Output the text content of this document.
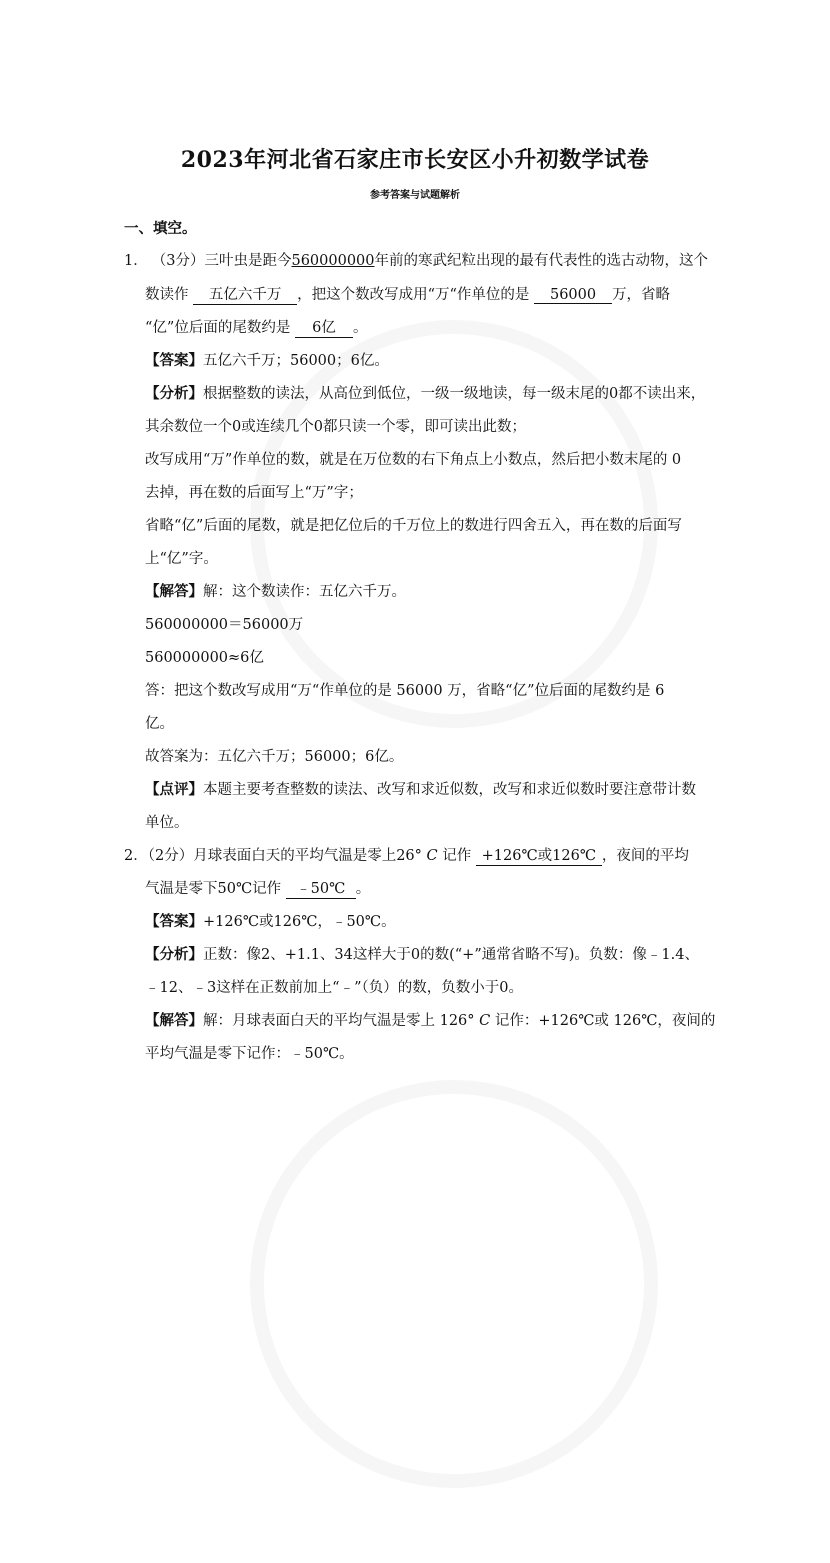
2023年河北省石家庄市长安区小升初数学试卷
参考答案与试题解析
一、填空。
1． （3分）三叶虫是距今560000000年前的寒武纪粒出现的最有代表性的选古动物，这个
数读作 五亿六千万 ，把这个数改写成用“万“作单位的是 56000 万，省略
“亿”位后面的尾数约是 6亿 。
【答案】五亿六千万；56000；6亿。
【分析】根据整数的读法，从高位到低位，一级一级地读，每一级末尾的0都不读出来，
其余数位一个0或连续几个0都只读一个零，即可读出此数；
改写成用“万”作单位的数，就是在万位数的右下角点上小数点，然后把小数末尾的 0
去掉，再在数的后面写上“万”字；
省略“亿”后面的尾数，就是把亿位后的千万位上的数进行四舍五入，再在数的后面写
上“亿”字。
【解答】解：这个数读作：五亿六千万。
560000000＝56000万
560000000≈6亿
答：把这个数改写成用“万“作单位的是 56000 万，省略“亿”位后面的尾数约是 6
亿。
故答案为：五亿六千万；56000；6亿。
【点评】本题主要考查整数的读法、改写和求近似数，改写和求近似数时要注意带计数
单位。
2．（2分）月球表面白天的平均气温是零上26° C 记作 +126℃或126℃ ，夜间的平均
气温是零下50℃记作 ﹣50℃ 。
【答案】+126℃或126℃，﹣50℃。
【分析】正数：像2、+1.1、34这样大于0的数(“+”通常省略不写)。负数：像﹣1.4、
﹣12、﹣3这样在正数前加上“﹣”（负）的数，负数小于0。
【解答】解：月球表面白天的平均气温是零上 126° C 记作：+126℃或 126℃，夜间的
平均气温是零下记作：﹣50℃。
